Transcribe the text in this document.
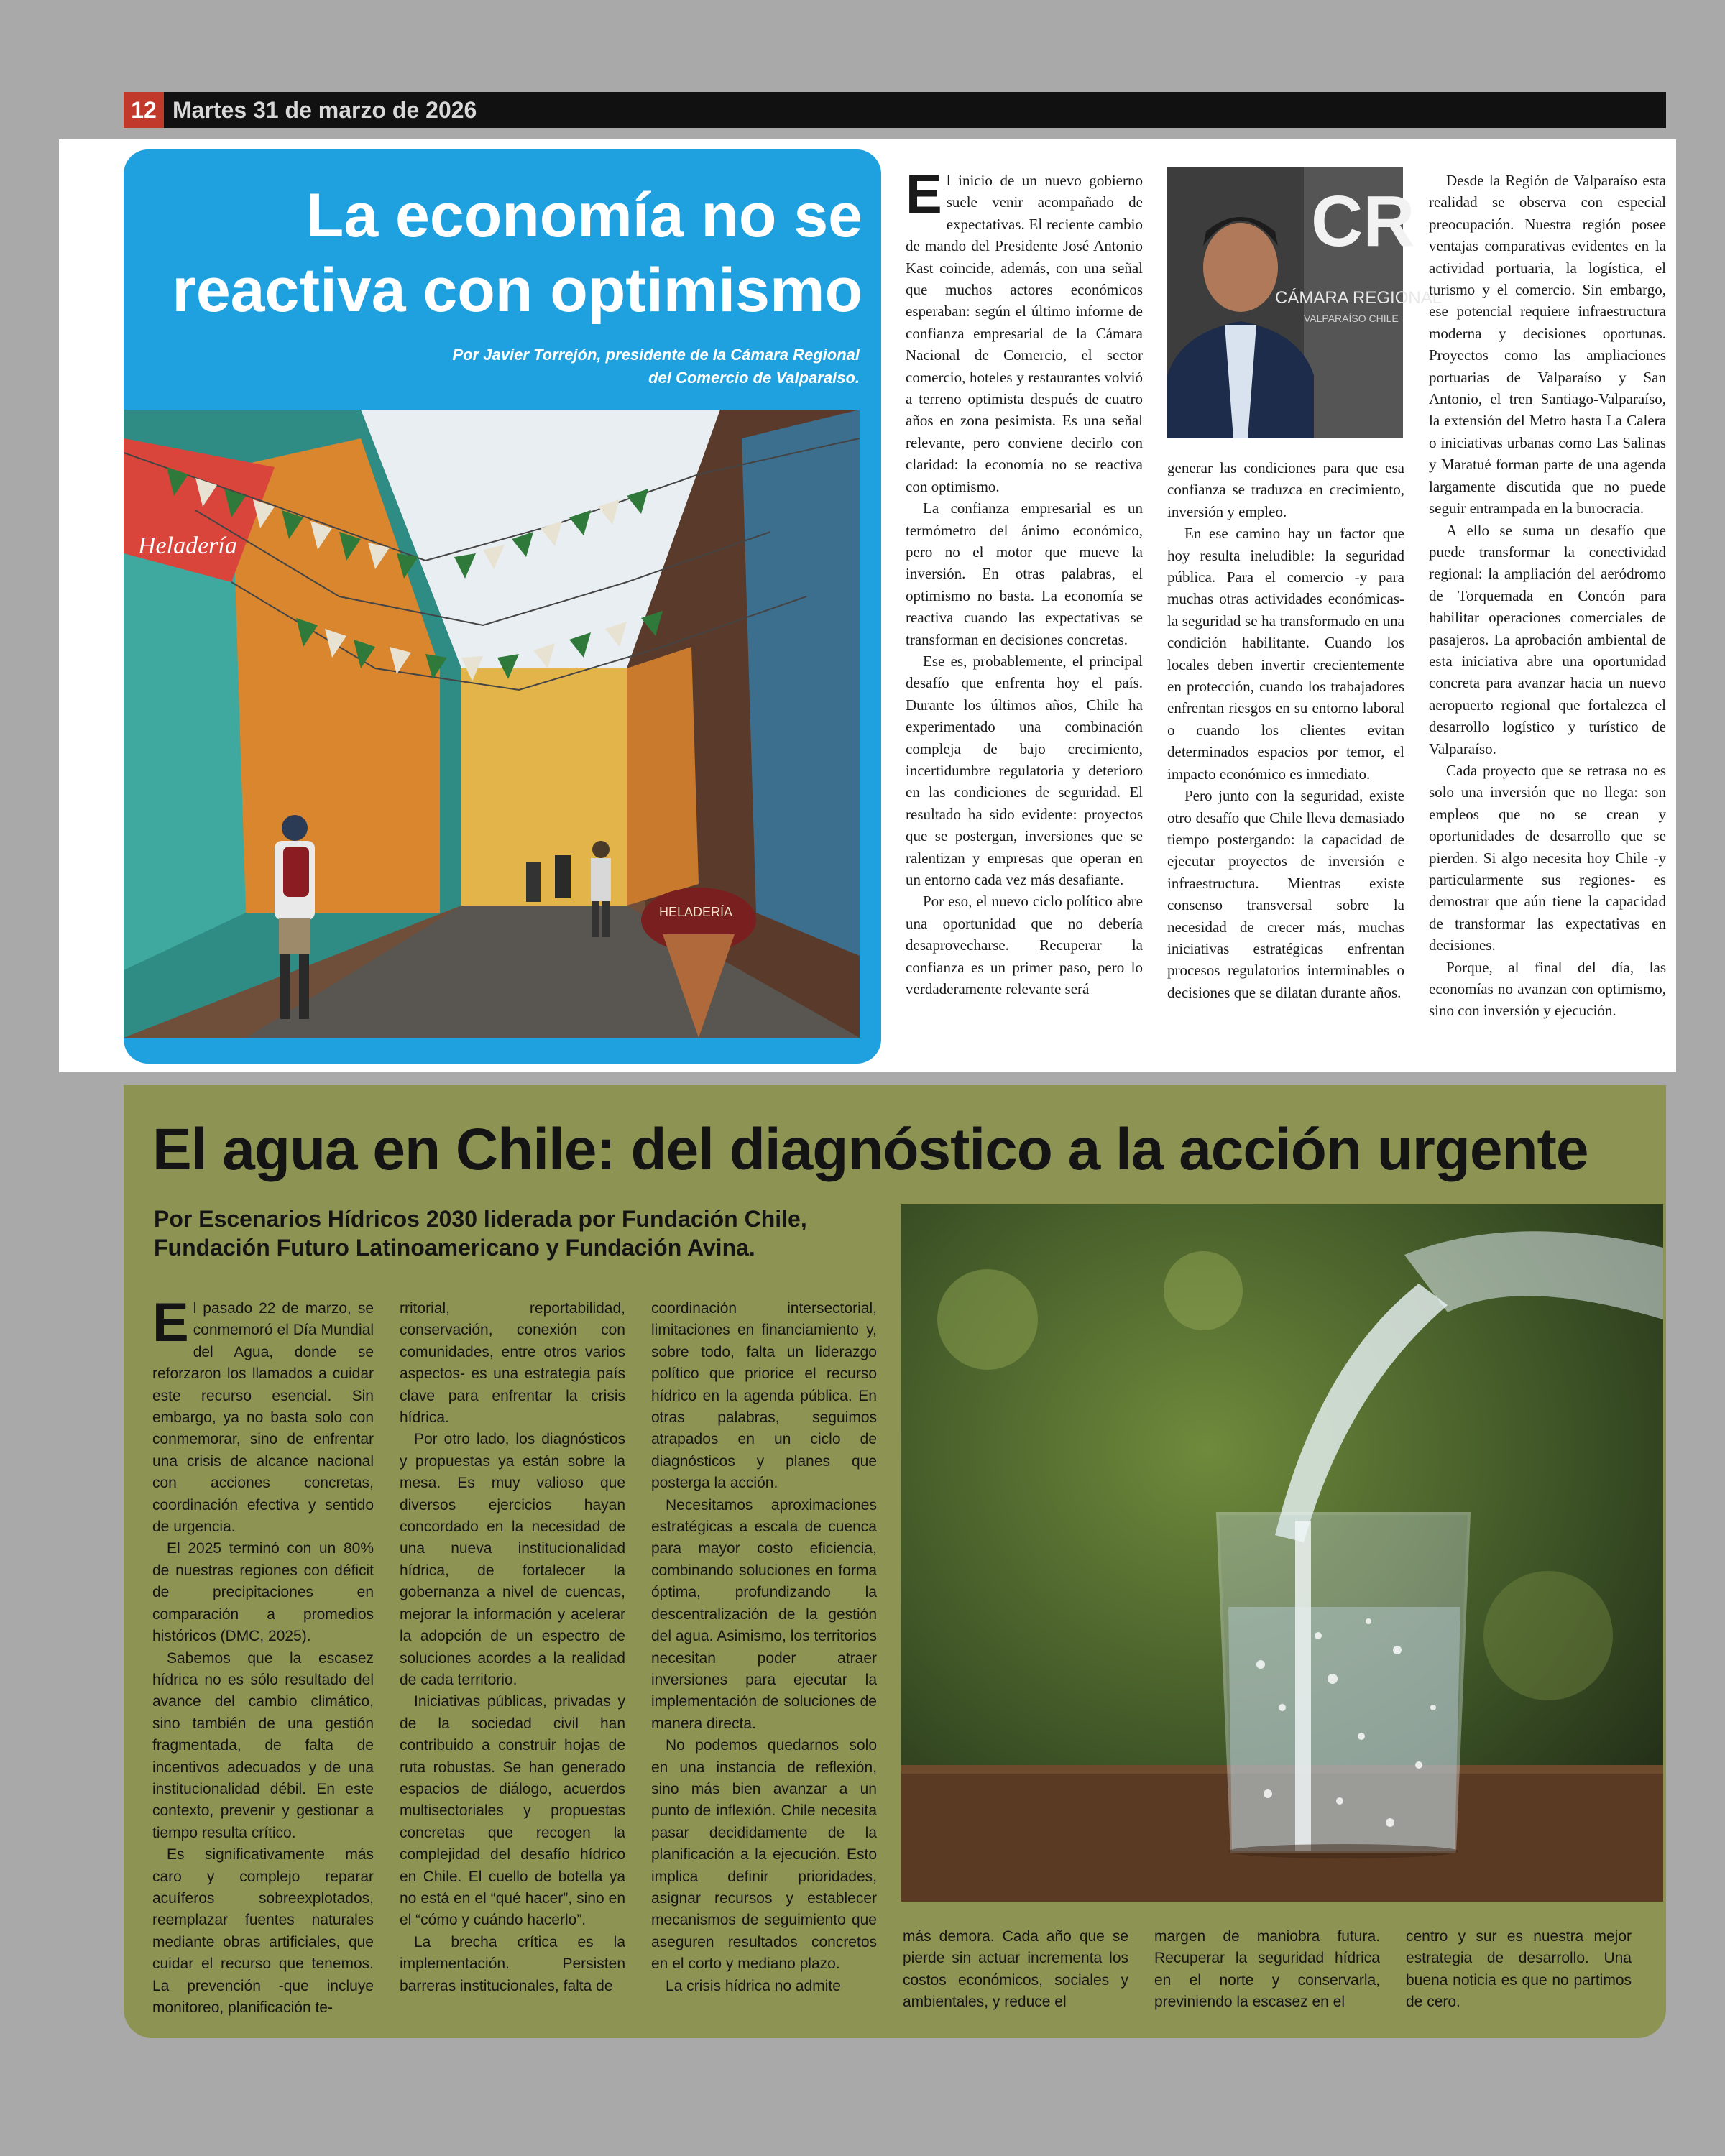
12 Martes 31 de marzo de 2026
La economía no se reactiva con optimismo

Por Javier Torrejón, presidente de la Cámara Regional del Comercio de Valparaíso.

Heladería
HELADERÍA

El inicio de un nuevo gobierno suele venir acompañado de expectativas. El reciente cambio de mando del Presidente José Antonio Kast coincide, además, con una señal que muchos actores económicos esperaban: según el último informe de confianza empresarial de la Cámara Nacional de Comercio, el sector comercio, hoteles y restaurantes volvió a terreno optimista después de cuatro años en zona pesimista. Es una señal relevante, pero conviene decirlo con claridad: la economía no se reactiva con optimismo.

La confianza empresarial es un termómetro del ánimo económico, pero no el motor que mueve la inversión. En otras palabras, el optimismo no basta. La economía se reactiva cuando las expectativas se transforman en decisiones concretas.

Ese es, probablemente, el principal desafío que enfrenta hoy el país. Durante los últimos años, Chile ha experimentado una combinación compleja de bajo crecimiento, incertidumbre regulatoria y deterioro en las condiciones de seguridad. El resultado ha sido evidente: proyectos que se postergan, inversiones que se ralentizan y empresas que operan en un entorno cada vez más desafiante.

Por eso, el nuevo ciclo político abre una oportunidad que no debería desaprovecharse. Recuperar la confianza es un primer paso, pero lo verdaderamente relevante será

CR
CÁMARA REGIONAL
VALPARAÍSO CHILE

generar las condiciones para que esa confianza se traduzca en crecimiento, inversión y empleo.

En ese camino hay un factor que hoy resulta ineludible: la seguridad pública. Para el comercio -y para muchas otras actividades económicas- la seguridad se ha transformado en una condición habilitante. Cuando los locales deben invertir crecientemente en protección, cuando los trabajadores enfrentan riesgos en su entorno laboral o cuando los clientes evitan determinados espacios por temor, el impacto económico es inmediato.

Pero junto con la seguridad, existe otro desafío que Chile lleva demasiado tiempo postergando: la capacidad de ejecutar proyectos de inversión e infraestructura. Mientras existe consenso transversal sobre la necesidad de crecer más, muchas iniciativas estratégicas enfrentan procesos regulatorios interminables o decisiones que se dilatan durante años.

Desde la Región de Valparaíso esta realidad se observa con especial preocupación. Nuestra región posee ventajas comparativas evidentes en la actividad portuaria, la logística, el turismo y el comercio. Sin embargo, ese potencial requiere infraestructura moderna y decisiones oportunas. Proyectos como las ampliaciones portuarias de Valparaíso y San Antonio, el tren Santiago-Valparaíso, la extensión del Metro hasta La Calera o iniciativas urbanas como Las Salinas y Maratué forman parte de una agenda largamente discutida que no puede seguir entrampada en la burocracia.

A ello se suma un desafío que puede transformar la conectividad regional: la ampliación del aeródromo de Torquemada en Concón para habilitar operaciones comerciales de pasajeros. La aprobación ambiental de esta iniciativa abre una oportunidad concreta para avanzar hacia un nuevo aeropuerto regional que fortalezca el desarrollo logístico y turístico de Valparaíso.

Cada proyecto que se retrasa no es solo una inversión que no llega: son empleos que no se crean y oportunidades de desarrollo que se pierden. Si algo necesita hoy Chile -y particularmente sus regiones- es demostrar que aún tiene la capacidad de transformar las expectativas en decisiones.

Porque, al final del día, las economías no avanzan con optimismo, sino con inversión y ejecución.

El agua en Chile: del diagnóstico a la acción urgente

Por Escenarios Hídricos 2030 liderada por Fundación Chile, Fundación Futuro Latinoamericano y Fundación Avina.

El pasado 22 de marzo, se conmemoró el Día Mundial del Agua, donde se reforzaron los llamados a cuidar este recurso esencial. Sin embargo, ya no basta solo con conmemorar, sino de enfrentar una crisis de alcance nacional con acciones concretas, coordinación efectiva y sentido de urgencia.

El 2025 terminó con un 80% de nuestras regiones con déficit de precipitaciones en comparación a promedios históricos (DMC, 2025).

Sabemos que la escasez hídrica no es sólo resultado del avance del cambio climático, sino también de una gestión fragmentada, de falta de incentivos adecuados y de una institucionalidad débil. En este contexto, prevenir y gestionar a tiempo resulta crítico.

Es significativamente más caro y complejo reparar acuíferos sobreexplotados, reemplazar fuentes naturales mediante obras artificiales, que cuidar el recurso que tenemos. La prevención -que incluye monitoreo, planificación te-

rritorial, reportabilidad, conservación, conexión con comunidades, entre otros varios aspectos- es una estrategia país clave para enfrentar la crisis hídrica.

Por otro lado, los diagnósticos y propuestas ya están sobre la mesa. Es muy valioso que diversos ejercicios hayan concordado en la necesidad de una nueva institucionalidad hídrica, de fortalecer la gobernanza a nivel de cuencas, mejorar la información y acelerar la adopción de un espectro de soluciones acordes a la realidad de cada territorio.

Iniciativas públicas, privadas y de la sociedad civil han contribuido a construir hojas de ruta robustas. Se han generado espacios de diálogo, acuerdos multisectoriales y propuestas concretas que recogen la complejidad del desafío hídrico en Chile. El cuello de botella ya no está en el “qué hacer”, sino en el “cómo y cuándo hacerlo”.

La brecha crítica es la implementación. Persisten barreras institucionales, falta de

coordinación intersectorial, limitaciones en financiamiento y, sobre todo, falta un liderazgo político que priorice el recurso hídrico en la agenda pública. En otras palabras, seguimos atrapados en un ciclo de diagnósticos y planes que posterga la acción.

Necesitamos aproximaciones estratégicas a escala de cuenca para mayor costo eficiencia, combinando soluciones en forma óptima, profundizando la descentralización de la gestión del agua. Asimismo, los territorios necesitan poder atraer inversiones para ejecutar la implementación de soluciones de manera directa.

No podemos quedarnos solo en una instancia de reflexión, sino más bien avanzar a un punto de inflexión. Chile necesita pasar decididamente de la planificación a la ejecución. Esto implica definir prioridades, asignar recursos y establecer mecanismos de seguimiento que aseguren resultados concretos en el corto y mediano plazo.

La crisis hídrica no admite

más demora. Cada año que se pierde sin actuar incrementa los costos económicos, sociales y ambientales, y reduce el

margen de maniobra futura. Recuperar la seguridad hídrica en el norte y conservarla, previniendo la escasez en el

centro y sur es nuestra mejor estrategia de desarrollo. Una buena noticia es que no partimos de cero.
